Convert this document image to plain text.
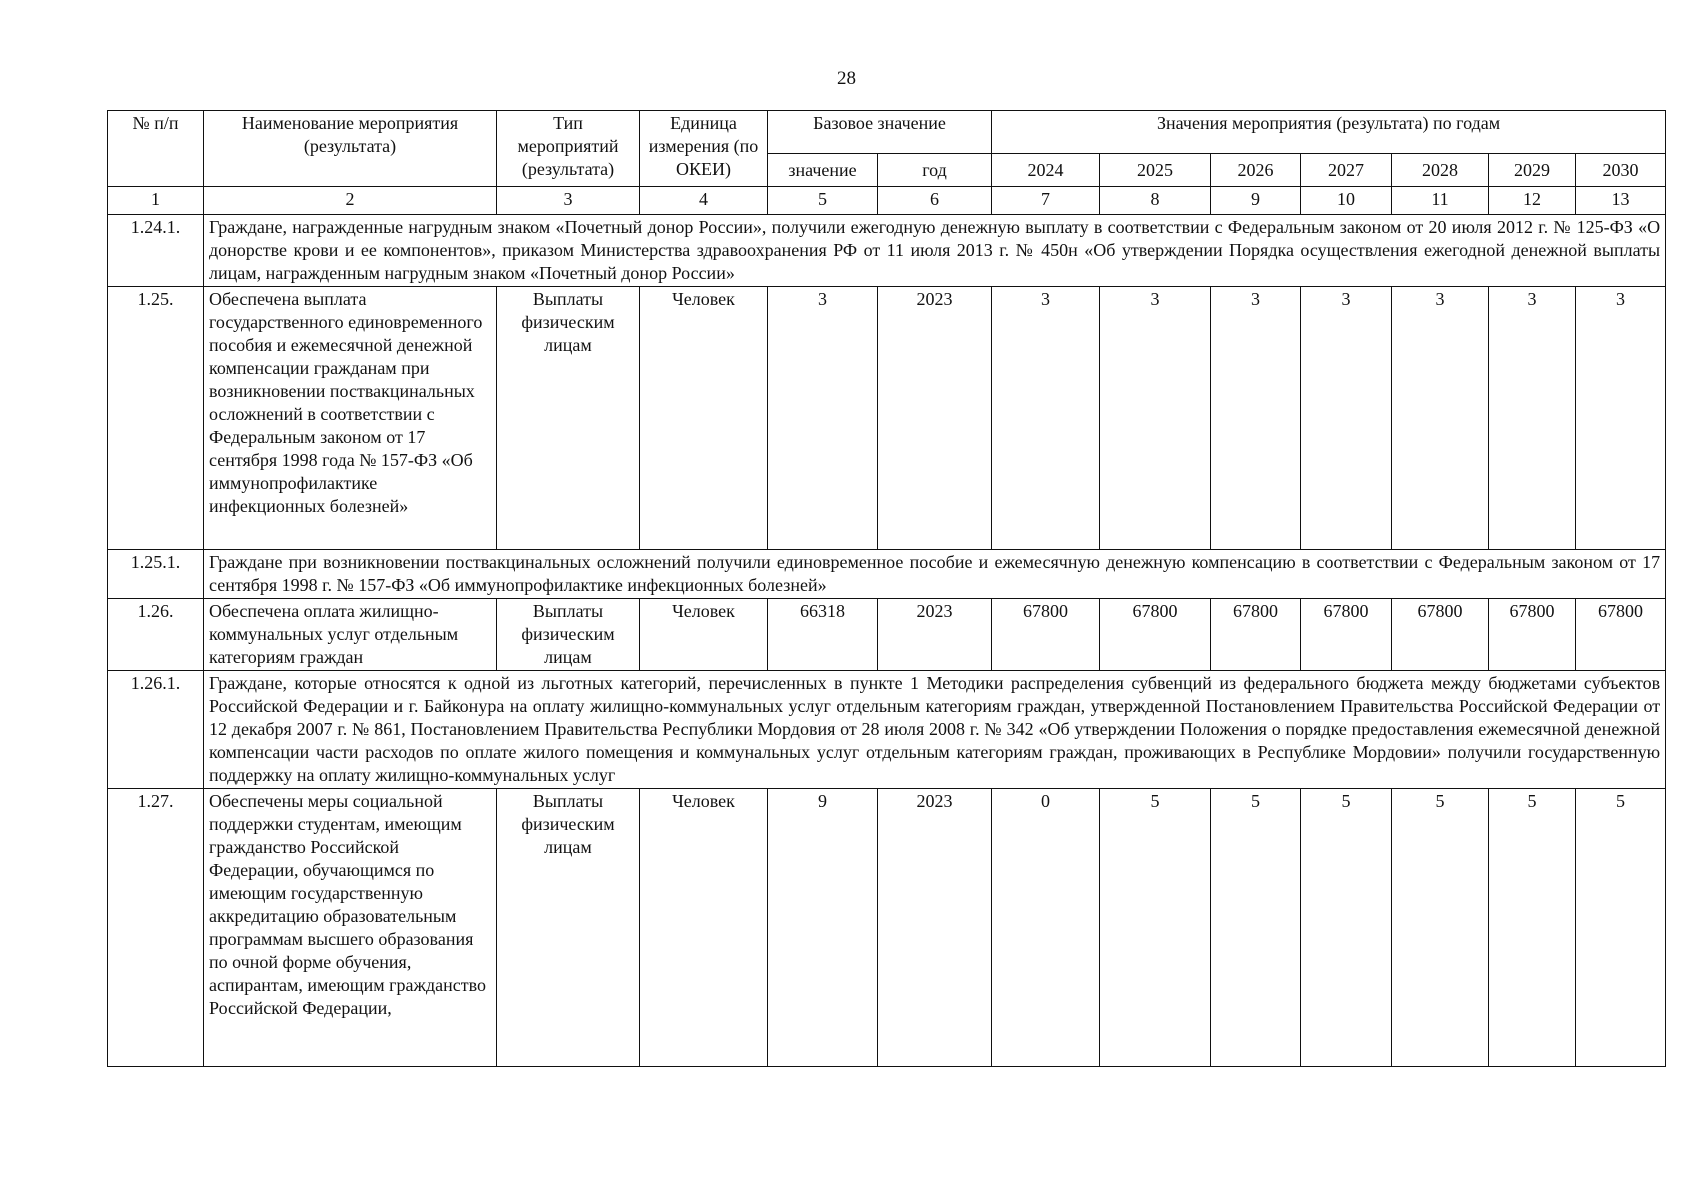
28
№ п/п	Наименование мероприятия (результата)	Тип мероприятий (результата)	Единица измерения (по ОКЕИ)	Базовое значение		Значения мероприятия (результата) по годам						
				значение	год	2024	2025	2026	2027	2028	2029	2030
1	2	3	4	5	6	7	8	9	10	11	12	13
1.24.1.	Граждане, награжденные нагрудным знаком «Почетный донор России», получили ежегодную денежную выплату в соответствии с Федеральным законом от 20 июля 2012 г. № 125-ФЗ «О донорстве крови и ее компонентов», приказом Министерства здравоохранения РФ от 11 июля 2013 г. № 450н «Об утверждении Порядка осуществления ежегодной денежной выплаты лицам, награжденным нагрудным знаком «Почетный донор России»											
1.25.	Обеспечена выплата государственного единовременного пособия и ежемесячной денежной компенсации гражданам при возникновении поствакцинальных осложнений в соответствии с Федеральным законом от 17 сентября 1998 года № 157-ФЗ «Об иммунопрофилактике инфекционных болезней»	Выплаты физическим лицам	Человек	3	2023	3	3	3	3	3	3	3
1.25.1.	Граждане при возникновении поствакцинальных осложнений получили единовременное пособие и ежемесячную денежную компенсацию в соответствии с Федеральным законом от 17 сентября 1998 г. № 157-ФЗ «Об иммунопрофилактике инфекционных болезней»											
1.26.	Обеспечена оплата жилищно-коммунальных услуг отдельным категориям граждан	Выплаты физическим лицам	Человек	66318	2023	67800	67800	67800	67800	67800	67800	67800
1.26.1.	Граждане, которые относятся к одной из льготных категорий, перечисленных в пункте 1 Методики распределения субвенций из федерального бюджета между бюджетами субъектов Российской Федерации и г. Байконура на оплату жилищно-коммунальных услуг отдельным категориям граждан, утвержденной Постановлением Правительства Российской Федерации от 12 декабря 2007 г. № 861, Постановлением Правительства Республики Мордовия от 28 июля 2008 г. № 342 «Об утверждении Положения о порядке предоставления ежемесячной денежной компенсации части расходов по оплате жилого помещения и коммунальных услуг отдельным категориям граждан, проживающих в Республике Мордовии» получили государственную поддержку на оплату жилищно-коммунальных услуг											
1.27.	Обеспечены меры социальной поддержки студентам, имеющим гражданство Российской Федерации, обучающимся по имеющим государственную аккредитацию образовательным программам высшего образования по очной форме обучения, аспирантам, имеющим гражданство Российской Федерации,	Выплаты физическим лицам	Человек	9	2023	0	5	5	5	5	5	5
